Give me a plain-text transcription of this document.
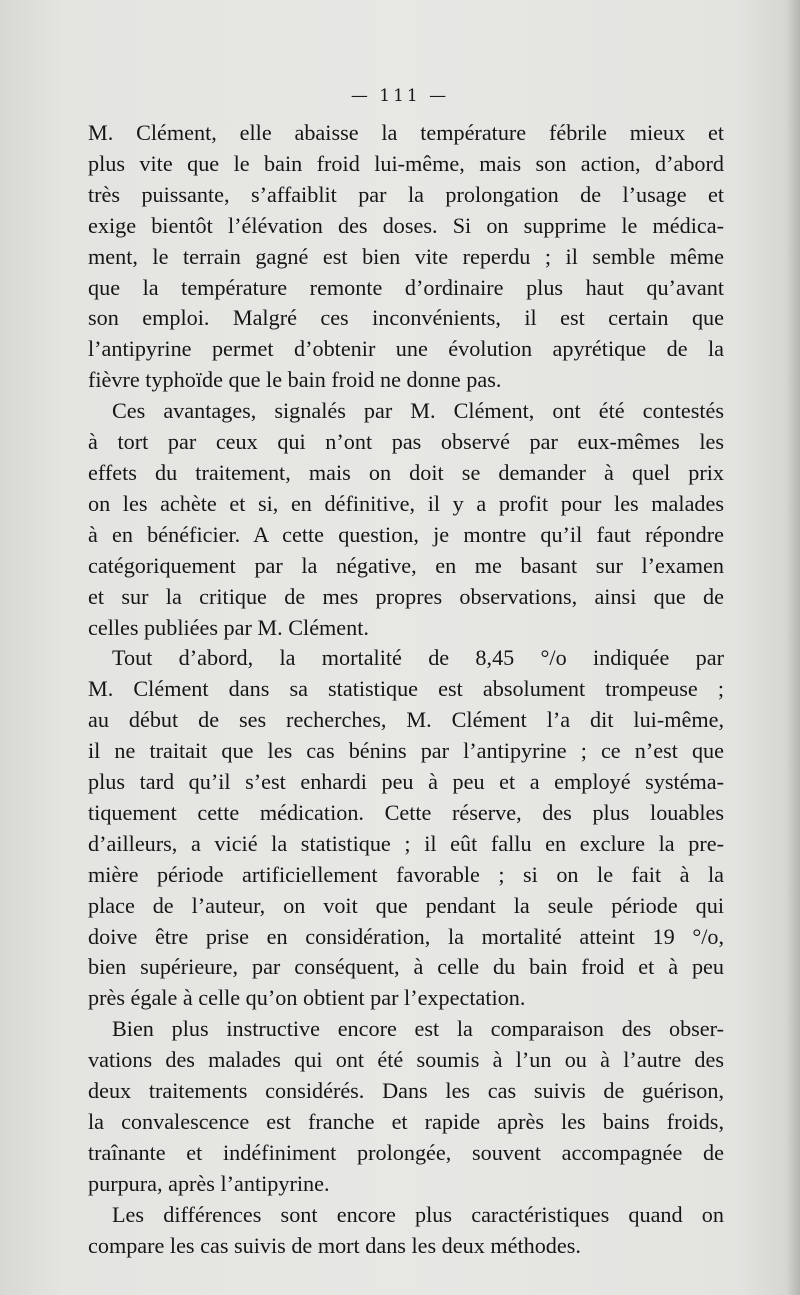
— 111 —

M. Clément, elle abaisse la température fébrile mieux et
plus vite que le bain froid lui-même, mais son action, d’abord
très puissante, s’affaiblit par la prolongation de l’usage et
exige bientôt l’élévation des doses. Si on supprime le médica-
ment, le terrain gagné est bien vite reperdu ; il semble même
que la température remonte d’ordinaire plus haut qu’avant
son emploi. Malgré ces inconvénients, il est certain que
l’antipyrine permet d’obtenir une évolution apyrétique de la
fièvre typhoïde que le bain froid ne donne pas.

Ces avantages, signalés par M. Clément, ont été contestés
à tort par ceux qui n’ont pas observé par eux-mêmes les
effets du traitement, mais on doit se demander à quel prix
on les achète et si, en définitive, il y a profit pour les malades
à en bénéficier. A cette question, je montre qu’il faut répondre
catégoriquement par la négative, en me basant sur l’examen
et sur la critique de mes propres observations, ainsi que de
celles publiées par M. Clément.

Tout d’abord, la mortalité de 8,45 °/o indiquée par
M. Clément dans sa statistique est absolument trompeuse ;
au début de ses recherches, M. Clément l’a dit lui-même,
il ne traitait que les cas bénins par l’antipyrine ; ce n’est que
plus tard qu’il s’est enhardi peu à peu et a employé systéma-
tiquement cette médication. Cette réserve, des plus louables
d’ailleurs, a vicié la statistique ; il eût fallu en exclure la pre-
mière période artificiellement favorable ; si on le fait à la
place de l’auteur, on voit que pendant la seule période qui
doive être prise en considération, la mortalité atteint 19 °/o,
bien supérieure, par conséquent, à celle du bain froid et à peu
près égale à celle qu’on obtient par l’expectation.

Bien plus instructive encore est la comparaison des obser-
vations des malades qui ont été soumis à l’un ou à l’autre des
deux traitements considérés. Dans les cas suivis de guérison,
la convalescence est franche et rapide après les bains froids,
traînante et indéfiniment prolongée, souvent accompagnée de
purpura, après l’antipyrine.

Les différences sont encore plus caractéristiques quand on
compare les cas suivis de mort dans les deux méthodes.
